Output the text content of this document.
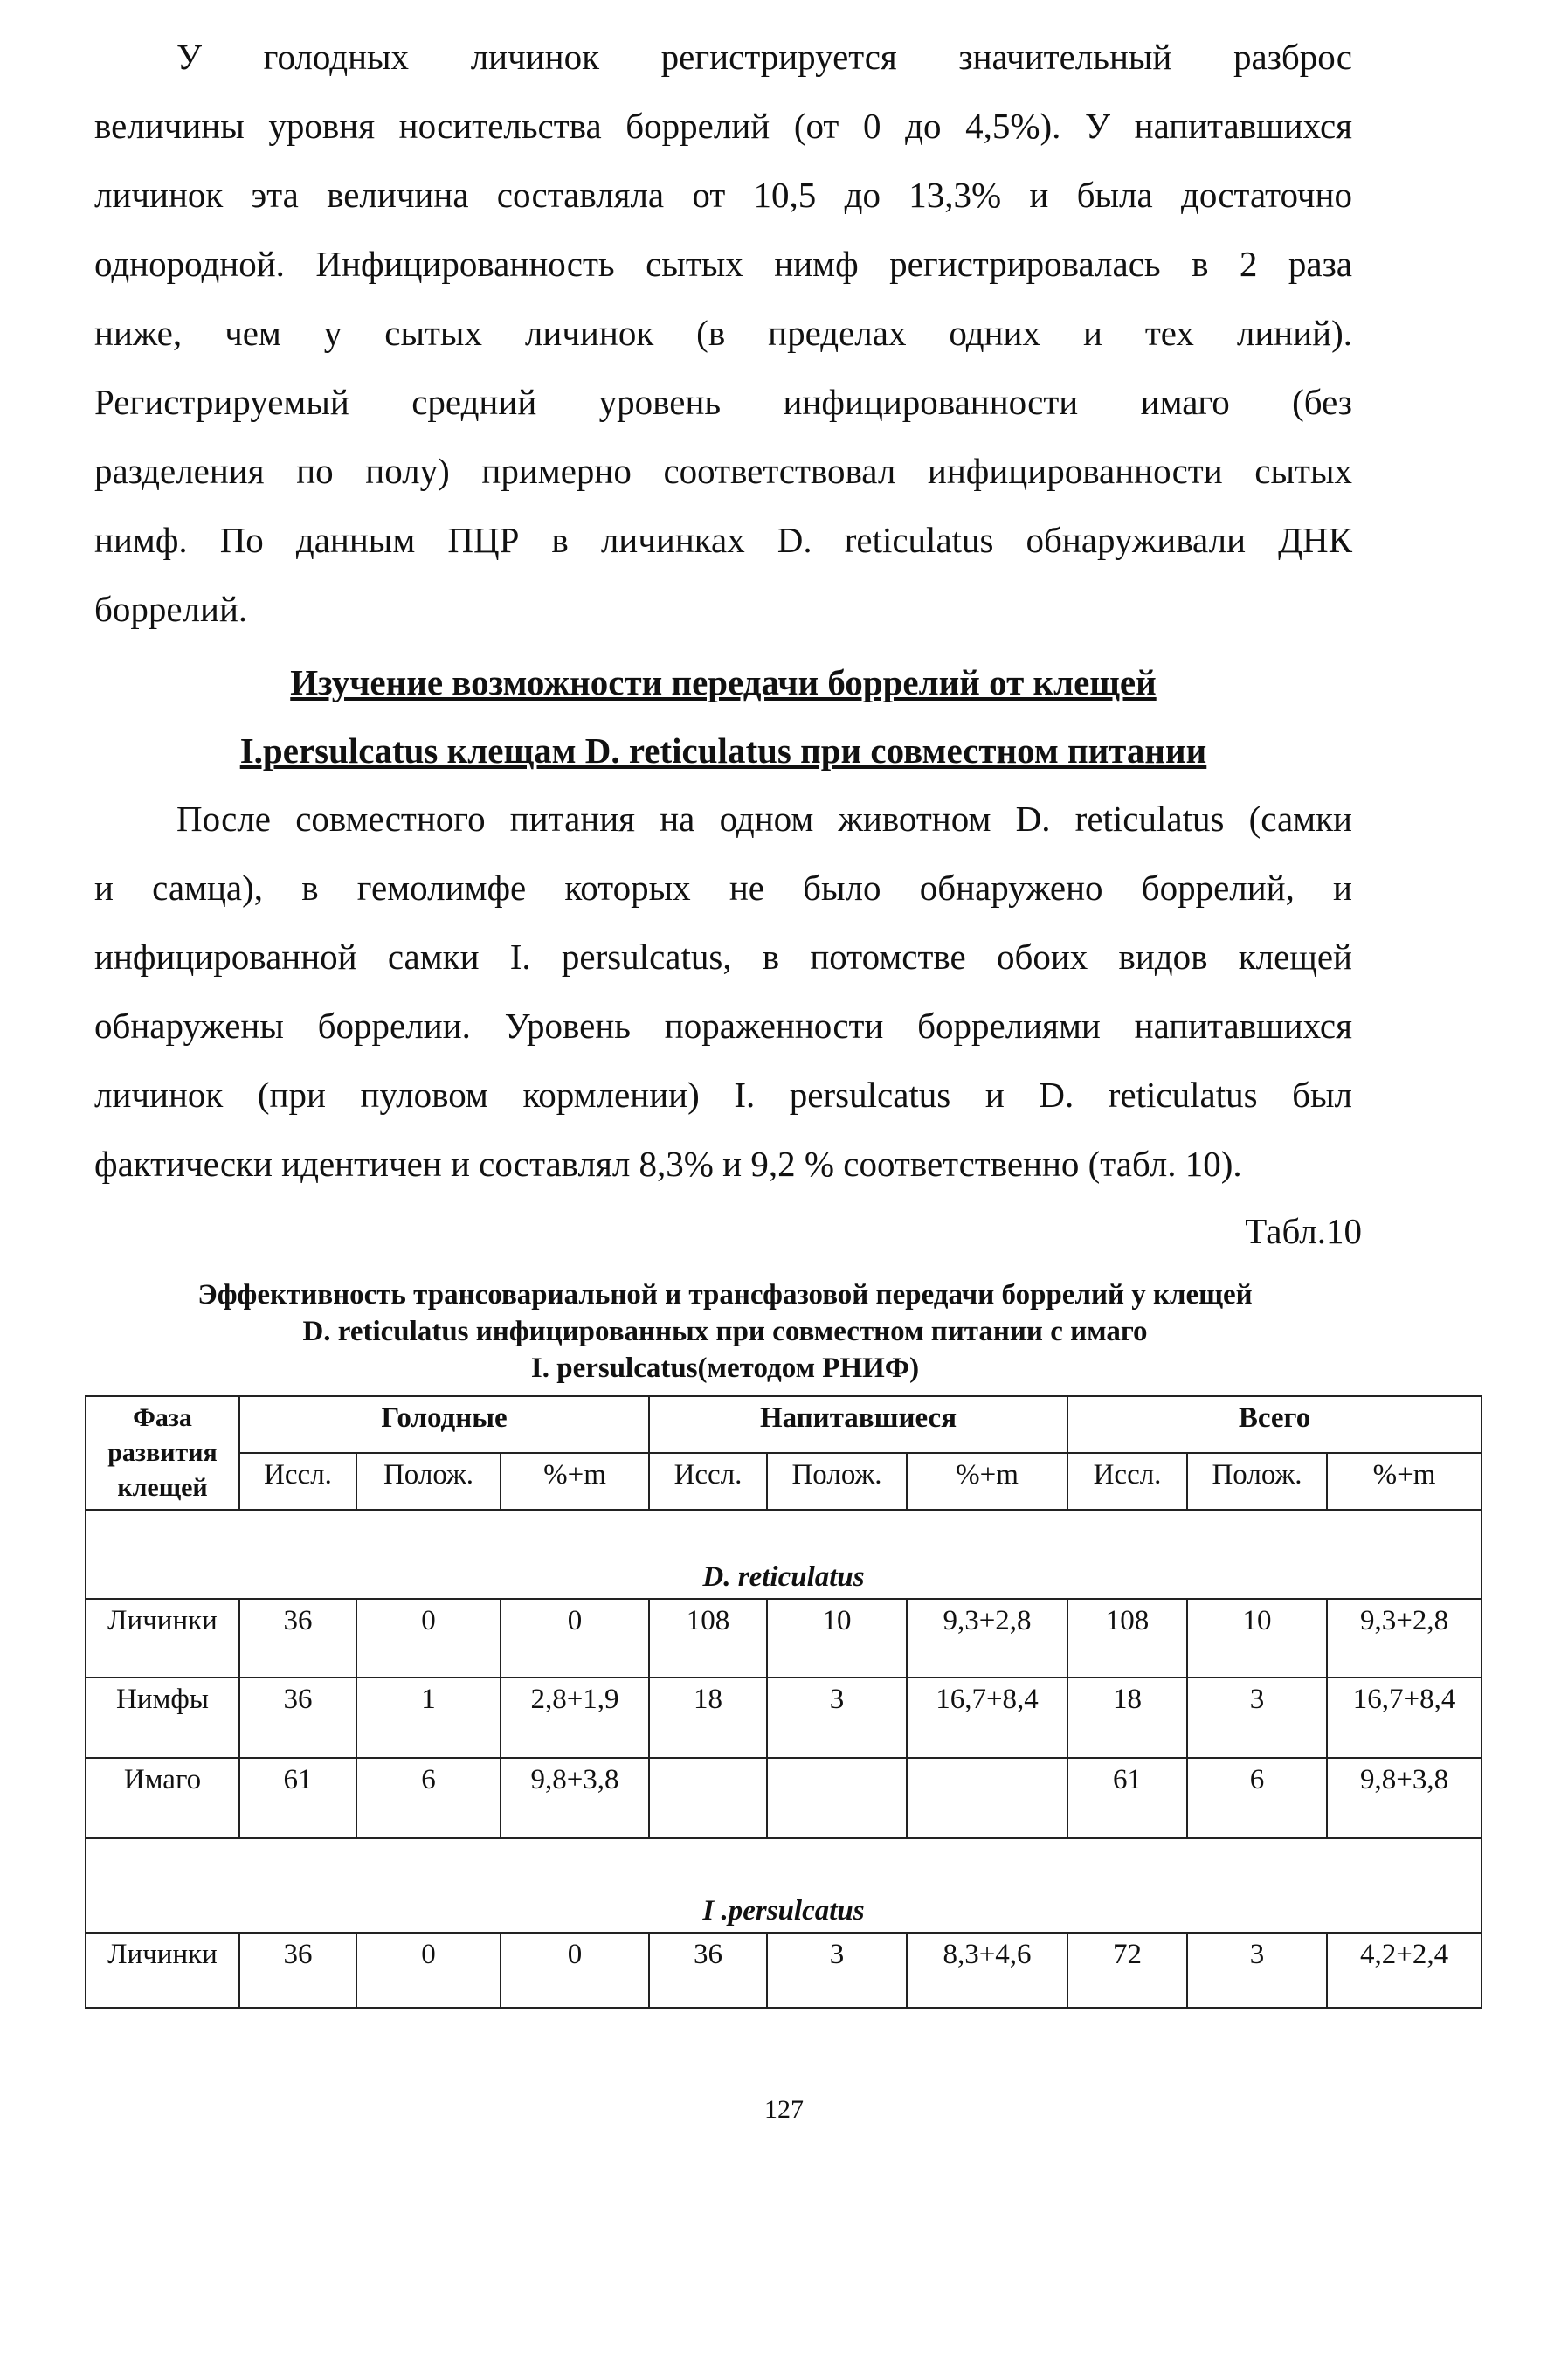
У голодных личинок регистрируется значительный разброс
величины уровня носительства боррелий (от 0 до 4,5%). У напитавшихся
личинок эта величина составляла от 10,5 до 13,3% и была достаточно
однородной. Инфицированность сытых нимф регистрировалась в 2 раза
ниже, чем у сытых личинок (в пределах одних и тех линий).
Регистрируемый средний уровень инфицированности имаго (без
разделения по полу) примерно соответствовал инфицированности сытых
нимф. По данным ПЦР в личинках D. reticulatus обнаруживали ДНК
боррелий.
Изучение возможности передачи боррелий от клещей
I.persulcatus клещам D. reticulatus при совместном питании
После совместного питания на одном животном D. reticulatus (самки
и самца), в гемолимфе которых не было обнаружено боррелий, и
инфицированной самки I. persulcatus, в потомстве обоих видов клещей
обнаружены боррелии. Уровень пораженности боррелиями напитавшихся
личинок (при пуловом кормлении) I. persulcatus и D. reticulatus был
фактически идентичен и составлял 8,3% и 9,2 % соответственно (табл. 10).
Табл.10
Эффективность трансовариальной и трансфазовой передачи боррелий у клещей
D. reticulatus инфицированных при совместном питании с имаго
I. persulcatus(методом РНИФ)
Фаза развития клещей	Голодные			Напитавшиеся			Всего		
	Иссл.	Полож.	%+m	Иссл.	Полож.	%+m	Иссл.	Полож.	%+m
D. reticulatus									
Личинки	36	0	0	108	10	9,3+2,8	108	10	9,3+2,8
Нимфы	36	1	2,8+1,9	18	3	16,7+8,4	18	3	16,7+8,4
Имаго	61	6	9,8+3,8				61	6	9,8+3,8
I .persulcatus									
Личинки	36	0	0	36	3	8,3+4,6	72	3	4,2+2,4
127
